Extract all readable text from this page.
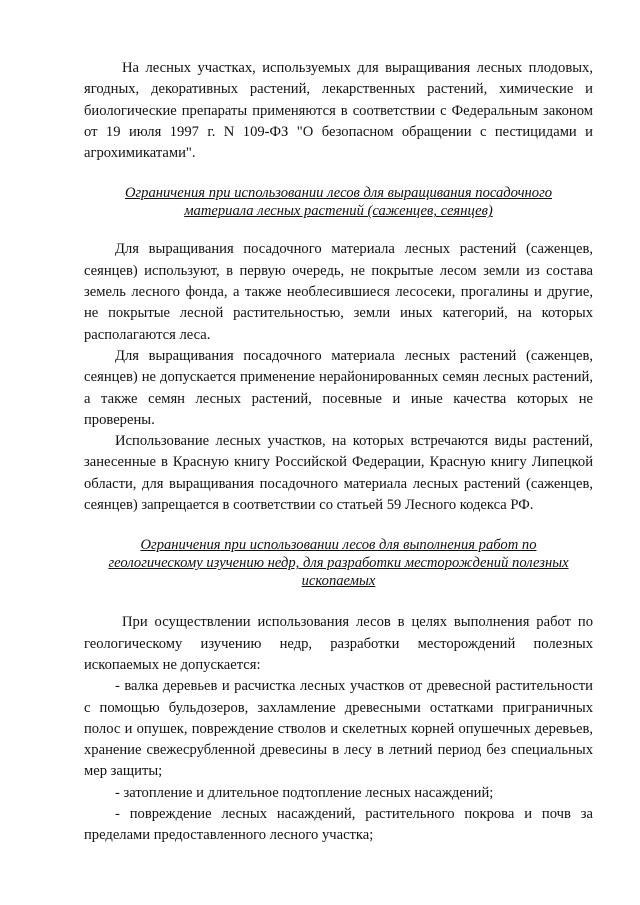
На лесных участках, используемых для выращивания лесных плодовых, ягодных, декоративных растений, лекарственных растений, химические и биологические препараты применяются в соответствии с Федеральным законом от 19 июля 1997 г. N 109-ФЗ "О безопасном обращении с пестицидами и агрохимикатами".

Ограничения при использовании лесов для выращивания посадочного
материала лесных растений (саженцев, сеянцев)

Для выращивания посадочного материала лесных растений (саженцев, сеянцев) используют, в первую очередь, не покрытые лесом земли из состава земель лесного фонда, а также необлесившиеся лесосеки, прогалины и другие, не покрытые лесной растительностью, земли иных категорий, на которых располагаются леса.

Для выращивания посадочного материала лесных растений (саженцев, сеянцев) не допускается применение нерайонированных семян лесных растений, а также семян лесных растений, посевные и иные качества которых не проверены.

Использование лесных участков, на которых встречаются виды растений, занесенные в Красную книгу Российской Федерации, Красную книгу Липецкой области, для выращивания посадочного материала лесных растений (саженцев, сеянцев) запрещается в соответствии со статьей 59 Лесного кодекса РФ.

Ограничения при использовании лесов для выполнения работ по
геологическому изучению недр, для разработки месторождений полезных
ископаемых

При осуществлении использования лесов в целях выполнения работ по геологическому изучению недр, разработки месторождений полезных ископаемых не допускается:

- валка деревьев и расчистка лесных участков от древесной растительности с помощью бульдозеров, захламление древесными остатками приграничных полос и опушек, повреждение стволов и скелетных корней опушечных деревьев, хранение свежесрубленной древесины в лесу в летний период без специальных мер защиты;

- затопление и длительное подтопление лесных насаждений;

- повреждение лесных насаждений, растительного покрова и почв за пределами предоставленного лесного участка;
